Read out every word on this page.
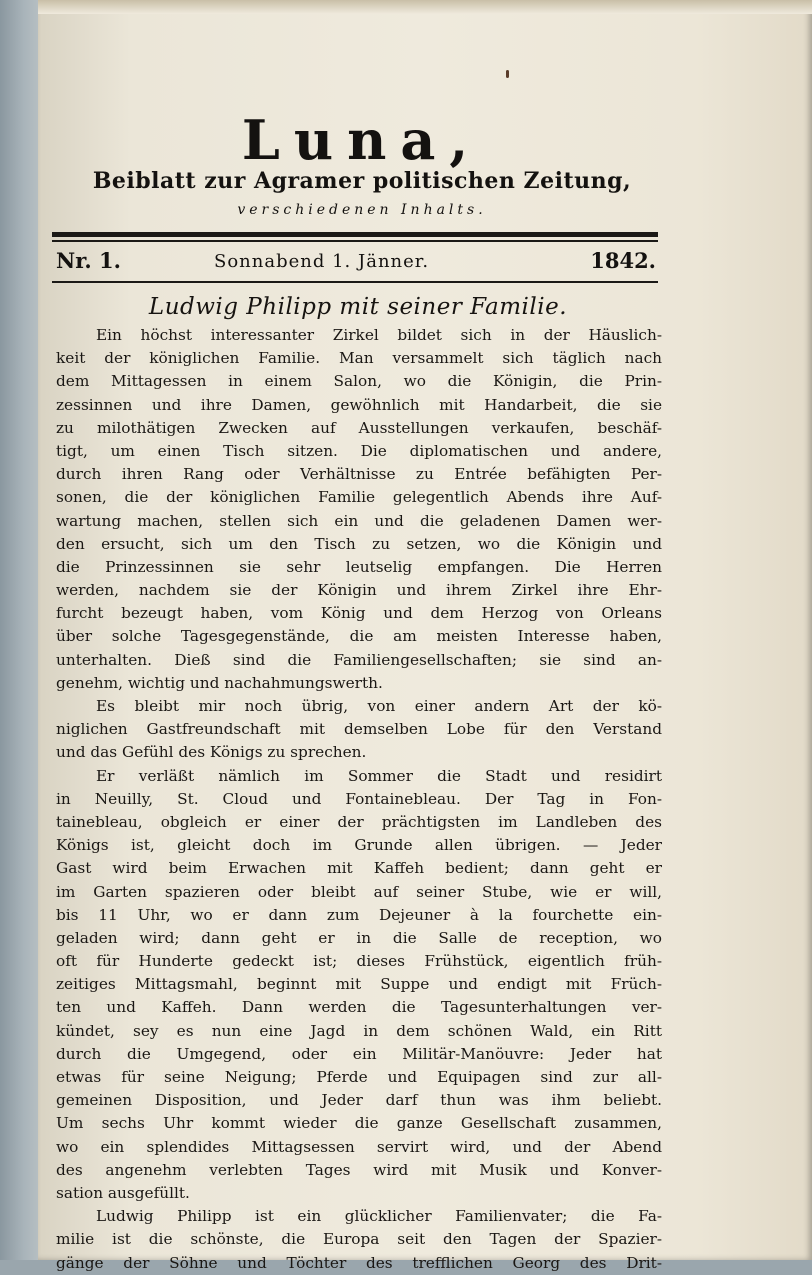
Luna,
Beiblatt zur Agramer politischen Zeitung,
verschiedenen Inhalts.
Nr. 1.	Sonnabend 1. Jänner.	1842.
Ludwig Philipp mit seiner Familie.
Ein höchst interessanter Zirkel bildet sich in der Häuslich-
keit der königlichen Familie. Man versammelt sich täglich nach
dem Mittagessen in einem Salon, wo die Königin, die Prin-
zessinnen und ihre Damen, gewöhnlich mit Handarbeit, die sie
zu milothätigen Zwecken auf Ausstellungen verkaufen, beschäf-
tigt, um einen Tisch sitzen. Die diplomatischen und andere,
durch ihren Rang oder Verhältnisse zu Entrée befähigten Per-
sonen, die der königlichen Familie gelegentlich Abends ihre Auf-
wartung machen, stellen sich ein und die geladenen Damen wer-
den ersucht, sich um den Tisch zu setzen, wo die Königin und
die Prinzessinnen sie sehr leutselig empfangen. Die Herren
werden, nachdem sie der Königin und ihrem Zirkel ihre Ehr-
furcht bezeugt haben, vom König und dem Herzog von Orleans
über solche Tagesgegenstände, die am meisten Interesse haben,
unterhalten. Dieß sind die Familiengesellschaften; sie sind an-
genehm, wichtig und nachahmungswerth.
Es bleibt mir noch übrig, von einer andern Art der kö-
niglichen Gastfreundschaft mit demselben Lobe für den Verstand
und das Gefühl des Königs zu sprechen.
Er verläßt nämlich im Sommer die Stadt und residirt
in Neuilly, St. Cloud und Fontainebleau. Der Tag in Fon-
tainebleau, obgleich er einer der prächtigsten im Landleben des
Königs ist, gleicht doch im Grunde allen übrigen. — Jeder
Gast wird beim Erwachen mit Kaffeh bedient; dann geht er
im Garten spazieren oder bleibt auf seiner Stube, wie er will,
bis 11 Uhr, wo er dann zum Dejeuner à la fourchette ein-
geladen wird; dann geht er in die Salle de reception, wo
oft für Hunderte gedeckt ist; dieses Frühstück, eigentlich früh-
zeitiges Mittagsmahl, beginnt mit Suppe und endigt mit Früch-
ten und Kaffeh. Dann werden die Tagesunterhaltungen ver-
kündet, sey es nun eine Jagd in dem schönen Wald, ein Ritt
durch die Umgegend, oder ein Militär-Manöuvre: Jeder hat
etwas für seine Neigung; Pferde und Equipagen sind zur all-
gemeinen Disposition, und Jeder darf thun was ihm beliebt.
Um sechs Uhr kommt wieder die ganze Gesellschaft zusammen,
wo ein splendides Mittagsessen servirt wird, und der Abend
des angenehm verlebten Tages wird mit Musik und Konver-
sation ausgefüllt.
Ludwig Philipp ist ein glücklicher Familienvater; die Fa-
milie ist die schönste, die Europa seit den Tagen der Spazier-
gänge der Söhne und Töchter des trefflichen Georg des Drit-
